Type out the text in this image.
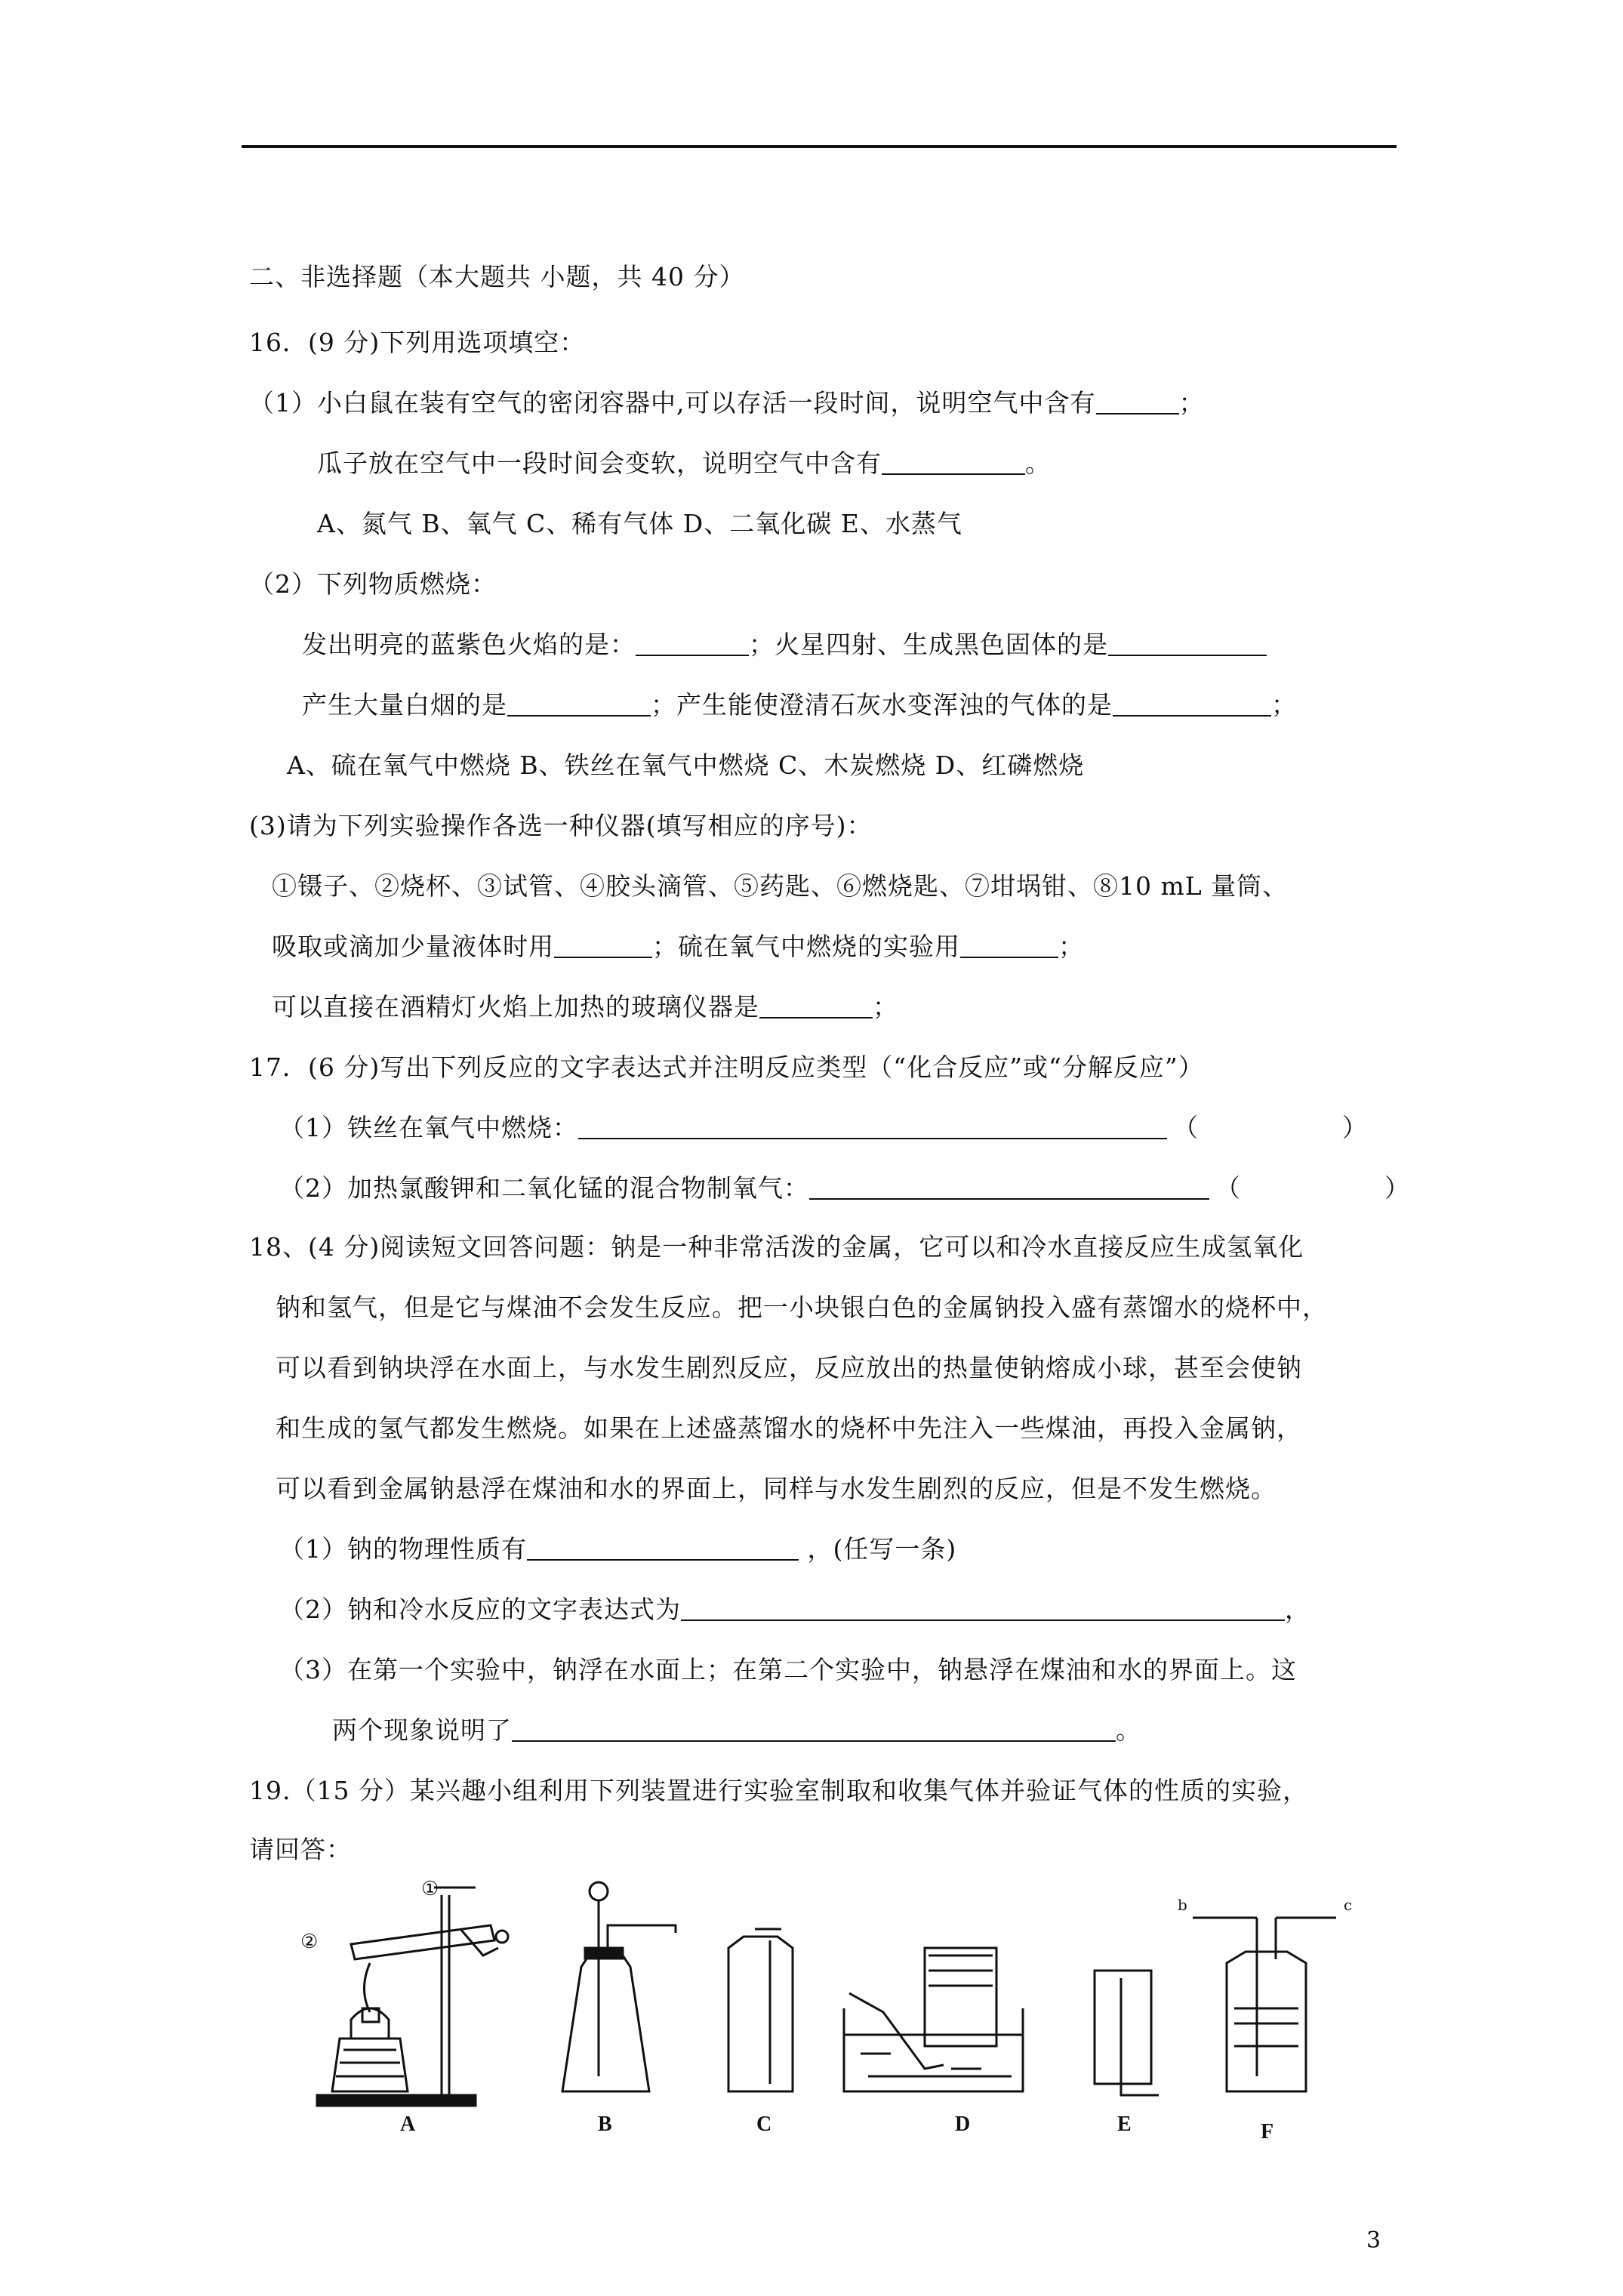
二、非选择题（本大题共 小题，共 40 分）
16．(9 分)下列用选项填空：
（1）小白鼠在装有空气的密闭容器中,可以存活一段时间，说明空气中含有	；
瓜子放在空气中一段时间会变软，说明空气中含有	。
A、氮气 B、氧气 C、稀有气体 D、二氧化碳 E、水蒸气
（2）下列物质燃烧：
发出明亮的蓝紫色火焰的是：	；火星四射、生成黑色固体的是
产生大量白烟的是	；产生能使澄清石灰水变浑浊的气体的是	；
A、硫在氧气中燃烧 B、铁丝在氧气中燃烧 C、木炭燃烧 D、红磷燃烧
(3)请为下列实验操作各选一种仪器(填写相应的序号)：
①镊子、②烧杯、③试管、④胶头滴管、⑤药匙、⑥燃烧匙、⑦坩埚钳、⑧10 mL 量筒、
吸取或滴加少量液体时用	；硫在氧气中燃烧的实验用	；
可以直接在酒精灯火焰上加热的玻璃仪器是	；
17．(6 分)写出下列反应的文字表达式并注明反应类型（“化合反应”或“分解反应”）
（1）铁丝在氧气中燃烧：	（	）
（2）加热氯酸钾和二氧化锰的混合物制氧气：	（	）
18、(4 分)阅读短文回答问题：钠是一种非常活泼的金属，它可以和冷水直接反应生成氢氧化
钠和氢气，但是它与煤油不会发生反应。把一小块银白色的金属钠投入盛有蒸馏水的烧杯中，
可以看到钠块浮在水面上，与水发生剧烈反应，反应放出的热量使钠熔成小球，甚至会使钠
和生成的氢气都发生燃烧。如果在上述盛蒸馏水的烧杯中先注入一些煤油，再投入金属钠，
可以看到金属钠悬浮在煤油和水的界面上，同样与水发生剧烈的反应，但是不发生燃烧。
（1）钠的物理性质有	，(任写一条)
（2）钠和冷水反应的文字表达式为	，
（3）在第一个实验中，钠浮在水面上；在第二个实验中，钠悬浮在煤油和水的界面上。这
两个现象说明了	。
19.（15 分）某兴趣小组利用下列装置进行实验室制取和收集气体并验证气体的性质的实验，
请回答：
①
②
b	c
A	B	C	D	E	F
3
